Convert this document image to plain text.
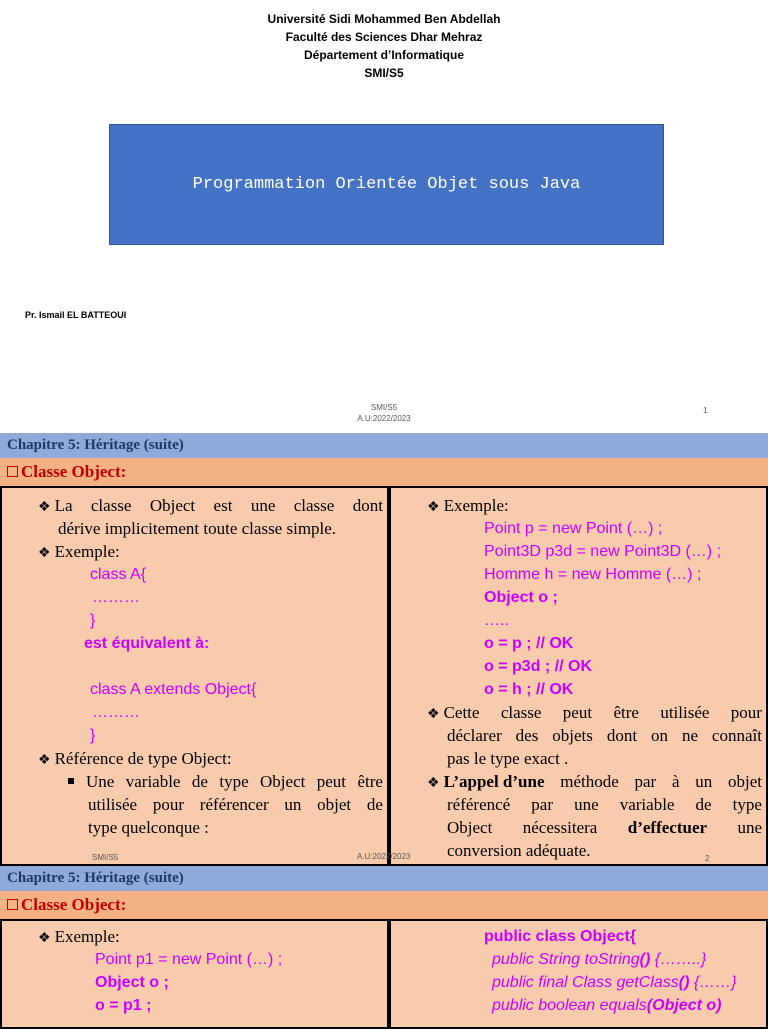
Université Sidi Mohammed Ben Abdellah
Faculté des Sciences Dhar Mehraz
Département d’Informatique
SMI/S5
Programmation Orientée Objet sous Java
Pr. Ismail EL BATTEOUI
SMI/S5
A.U:2022/2023
1
Chapitre 5: Héritage (suite)
Classe Object:
❖ La classe Object est une classe dont
dérive implicitement toute classe simple.
❖ Exemple:
class A{
………
}
est équivalent à:
class A extends Object{
………
}
❖ Référence de type Object:
Une variable de type Object peut être
utilisée pour référencer un objet de
type quelconque :
SMI/S5
❖ Exemple:
Point p = new Point (…) ;
Point3D p3d = new Point3D (…) ;
Homme h = new Homme (…) ;
Object o ;
…..
o = p ; // OK
o = p3d ; // OK
o = h ; // OK
❖ Cette classe peut être utilisée pour
déclarer des objets dont on ne connaît
pas le type exact .
❖ L’appel d’une méthode par à un objet
référencé par une variable de type
Object nécessitera d’effectuer une
conversion adéquate.	2
A.U:2022/2023
Chapitre 5: Héritage (suite)
Classe Object:
❖ Exemple:
Point p1 = new Point (…) ;
Object o ;
o = p1 ;
public class Object{
public String toString() {……..}
public final Class getClass() {……}
public boolean equals(Object o)
